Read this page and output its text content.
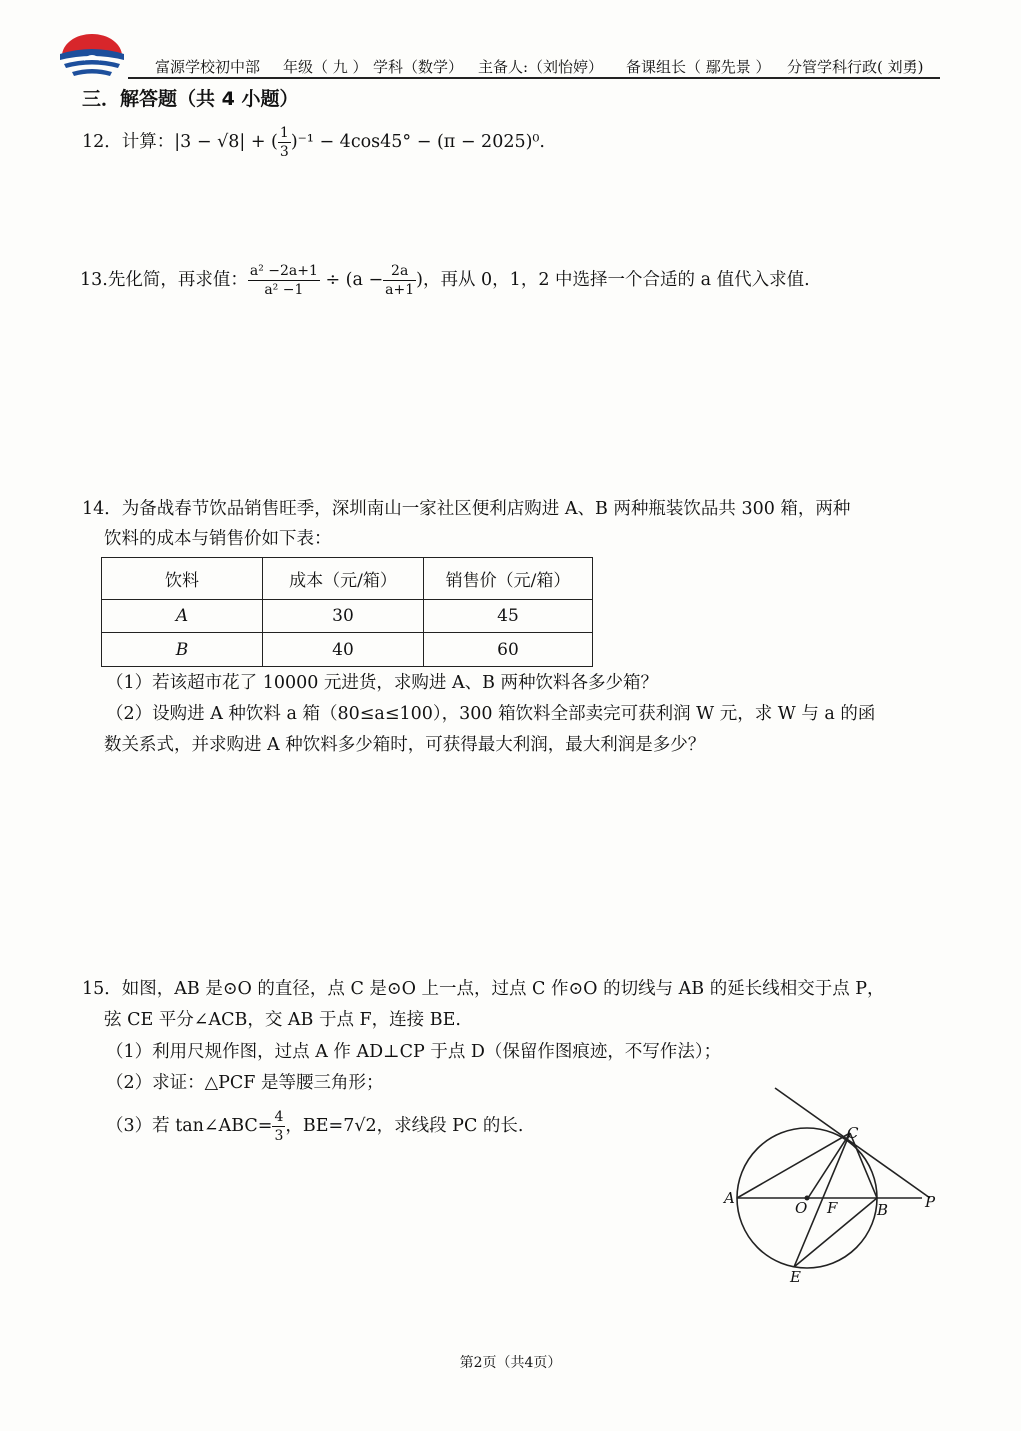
富源学校初中部 年级（ 九 ） 学科（数学） 主备人:（刘怡婷） 备课组长（ 鄢先景 ） 分管学科行政( 刘勇)
三．解答题（共 4 小题）
12．计算：|3 − √8| + ( $\frac{1}{3} )^{-1} - 4\cos 45^\circ - (\pi - 2025)^0$.
13.先化简，再求值： $\frac{\text{a² −2a+1}}{\text{a² −1}} \div (a - \frac{2a}{a+1}$ )，再从 0，1，2 中选择一个合适的 a 值代入求值.
14．为备战春节饮品销售旺季，深圳南山一家社区便利店购进 A、B 两种瓶装饮品共 300 箱，两种
饮料的成本与销售价如下表：
饮料	成本（元/箱）	销售价（元/箱）
A	30	45
B	40	60
（1）若该超市花了 10000 元进货，求购进 A、B 两种饮料各多少箱？
（2）设购进 A 种饮料 a 箱（80≤a≤100），300 箱饮料全部卖完可获利润 W 元，求 W 与 a 的函
数关系式，并求购进 A 种饮料多少箱时，可获得最大利润，最大利润是多少？
15．如图，AB 是⊙O 的直径，点 C 是⊙O 上一点，过点 C 作⊙O 的切线与 AB 的延长线相交于点 P，
弦 CE 平分∠ACB，交 AB 于点 F，连接 BE.
（1）利用尺规作图，过点 A 作 AD⊥CP 于点 D（保留作图痕迹，不写作法）；
（2）求证：△PCF 是等腰三角形；
（3）若 tan∠ABC= $\frac{4}{3}$ ，BE=7√2，求线段 PC 的长.
A
O F	B P
C
E
第2页（共4页）
